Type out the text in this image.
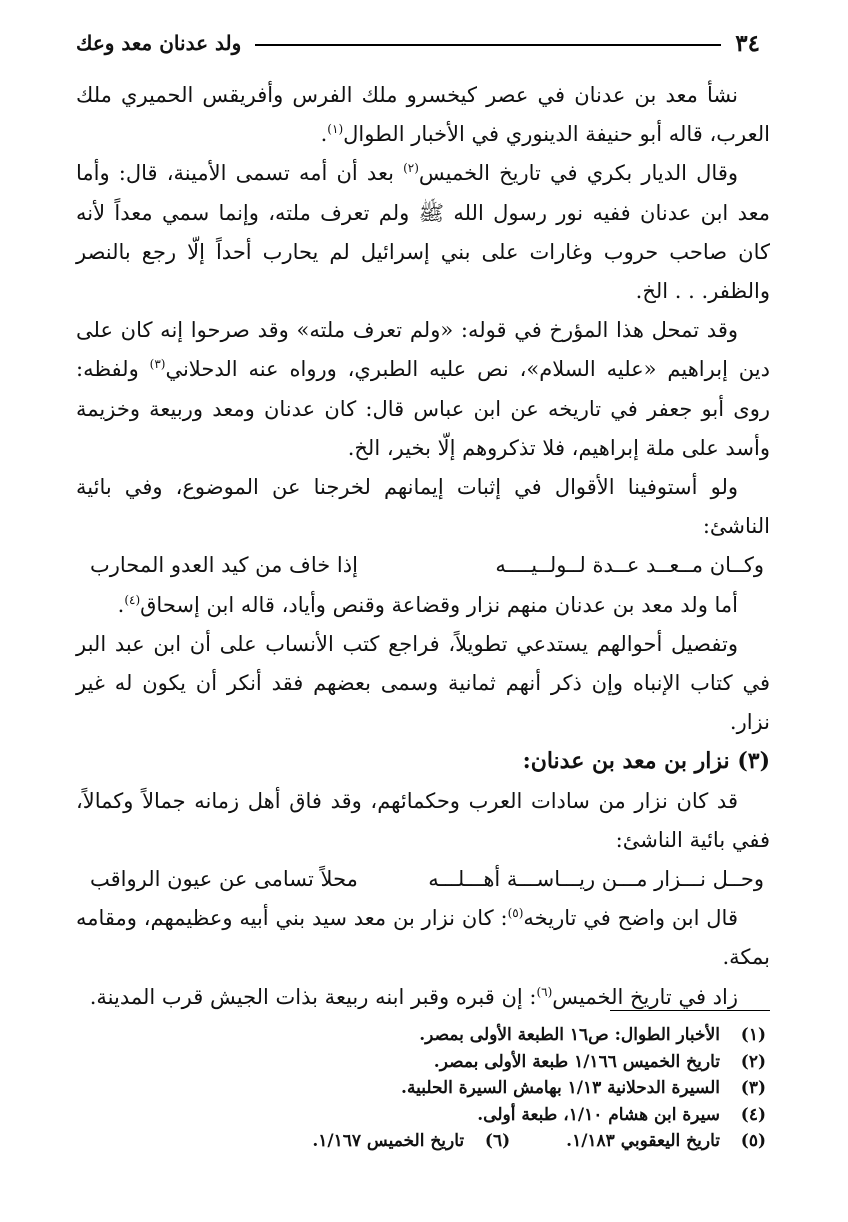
٣٤
ولد عدنان معد وعك

نشأ معد بن عدنان في عصر كيخسرو ملك الفرس وأفريقس الحميري ملك العرب، قاله أبو حنيفة الدينوري في الأخبار الطوال$^{(١)}$.

وقال الديار بكري في تاريخ الخميس$^{(٢)}$ بعد أن أمه تسمى الأمينة، قال: وأما معد ابن عدنان ففيه نور رسول الله ﷺ ولم تعرف ملته، وإنما سمي معداً لأنه كان صاحب حروب وغارات على بني إسرائيل لم يحارب أحداً إلّا رجع بالنصر والظفر. . . الخ.

وقد تمحل هذا المؤرخ في قوله: «ولم تعرف ملته» وقد صرحوا إنه كان على دين إبراهيم «عليه السلام»، نص عليه الطبري، ورواه عنه الدحلاني$^{(٣)}$ ولفظه: روى أبو جعفر في تاريخه عن ابن عباس قال: كان عدنان ومعد وربيعة وخزيمة وأسد على ملة إبراهيم، فلا تذكروهم إلّا بخير، الخ.

ولو أستوفينا الأقوال في إثبات إيمانهم لخرجنا عن الموضوع، وفي بائية الناشئ:

وكــان مــعــد عــدة لــولــيــــه
إذا خاف من كيد العدو المحارب

أما ولد معد بن عدنان منهم نزار وقضاعة وقنص وأياد، قاله ابن إسحاق$^{(٤)}$.

وتفصيل أحوالهم يستدعي تطويلاً، فراجع كتب الأنساب على أن ابن عبد البر في كتاب الإنباه وإن ذكر أنهم ثمانية وسمى بعضهم فقد أنكر أن يكون له غير نزار.

(٣) نزار بن معد بن عدنان:

قد كان نزار من سادات العرب وحكمائهم، وقد فاق أهل زمانه جمالاً وكمالاً، ففي بائية الناشئ:

وحــل نـــزار مـــن ريـــاســـة أهـــلـــه
محلاً تسامى عن عيون الرواقب

قال ابن واضح في تاريخه$^{(٥)}$: كان نزار بن معد سيد بني أبيه وعظيمهم، ومقامه بمكة.

زاد في تاريخ الخميس$^{(٦)}$: إن قبره وقبر ابنه ربيعة بذات الجيش قرب المدينة.

(١)
الأخبار الطوال: ص١٦ الطبعة الأولى بمصر.
(٢)
تاريخ الخميس ١/١٦٦ طبعة الأولى بمصر.
(٣)
السيرة الدحلانية ١/١٣ بهامش السيرة الحلبية.
(٤)
سيرة ابن هشام ١/١٠، طبعة أولى.
(٥)
تاريخ اليعقوبي ١/١٨٣.
(٦)
تاريخ الخميس ١/١٦٧.
